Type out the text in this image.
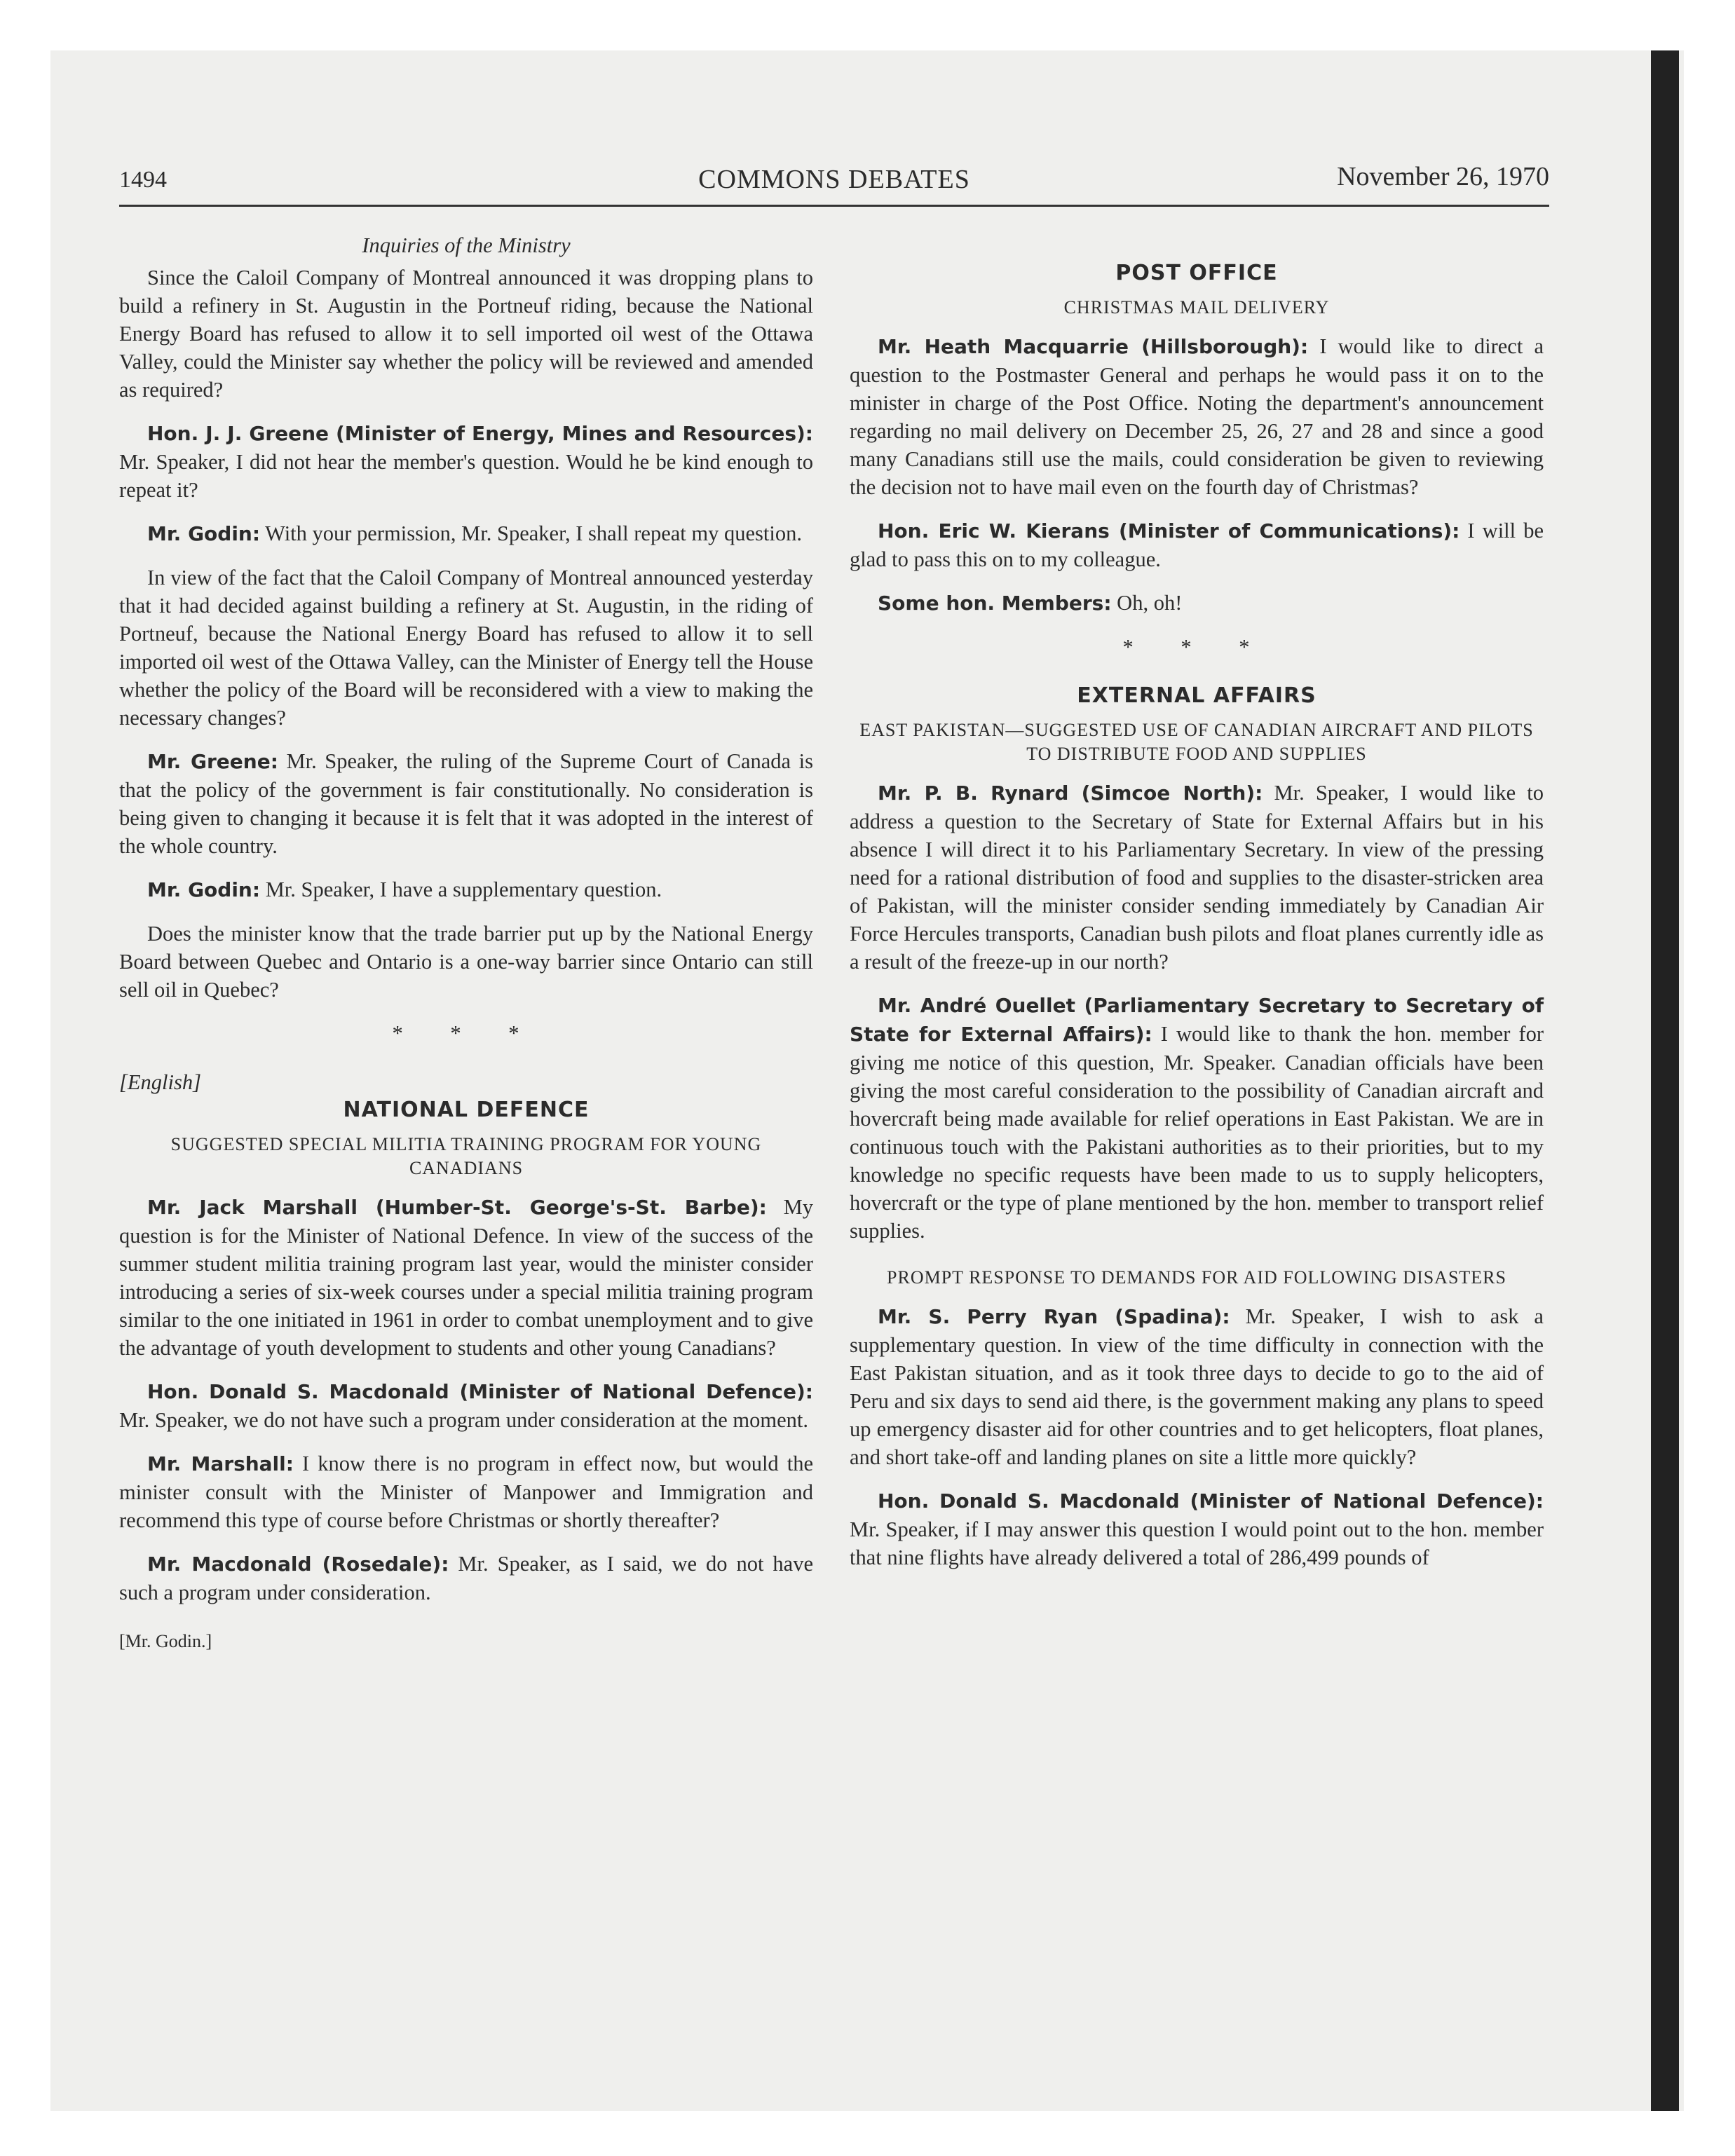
1494	COMMONS DEBATES	November 26, 1970
Inquiries of the Ministry

Since the Caloil Company of Montreal announced it was dropping plans to build a refinery in St. Augustin in the Portneuf riding, because the National Energy Board has refused to allow it to sell imported oil west of the Ottawa Valley, could the Minister say whether the policy will be reviewed and amended as required?

Hon. J. J. Greene (Minister of Energy, Mines and Resources): Mr. Speaker, I did not hear the member's question. Would he be kind enough to repeat it?

Mr. Godin: With your permission, Mr. Speaker, I shall repeat my question.

In view of the fact that the Caloil Company of Montreal announced yesterday that it had decided against building a refinery at St. Augustin, in the riding of Portneuf, because the National Energy Board has refused to allow it to sell imported oil west of the Ottawa Valley, can the Minister of Energy tell the House whether the policy of the Board will be reconsidered with a view to making the necessary changes?

Mr. Greene: Mr. Speaker, the ruling of the Supreme Court of Canada is that the policy of the government is fair constitutionally. No consideration is being given to changing it because it is felt that it was adopted in the interest of the whole country.

Mr. Godin: Mr. Speaker, I have a supplementary question.

Does the minister know that the trade barrier put up by the National Energy Board between Quebec and Ontario is a one-way barrier since Ontario can still sell oil in Quebec?

* * *
[English]
NATIONAL DEFENCE
SUGGESTED SPECIAL MILITIA TRAINING PROGRAM FOR YOUNG CANADIANS

Mr. Jack Marshall (Humber-St. George's-St. Barbe): My question is for the Minister of National Defence. In view of the success of the summer student militia training program last year, would the minister consider introducing a series of six-week courses under a special militia training program similar to the one initiated in 1961 in order to combat unemployment and to give the advantage of youth development to students and other young Canadians?

Hon. Donald S. Macdonald (Minister of National Defence): Mr. Speaker, we do not have such a program under consideration at the moment.

Mr. Marshall: I know there is no program in effect now, but would the minister consult with the Minister of Manpower and Immigration and recommend this type of course before Christmas or shortly thereafter?

Mr. Macdonald (Rosedale): Mr. Speaker, as I said, we do not have such a program under consideration.

[Mr. Godin.]
POST OFFICE
CHRISTMAS MAIL DELIVERY

Mr. Heath Macquarrie (Hillsborough): I would like to direct a question to the Postmaster General and perhaps he would pass it on to the minister in charge of the Post Office. Noting the department's announcement regarding no mail delivery on December 25, 26, 27 and 28 and since a good many Canadians still use the mails, could consideration be given to reviewing the decision not to have mail even on the fourth day of Christmas?

Hon. Eric W. Kierans (Minister of Communications): I will be glad to pass this on to my colleague.

Some hon. Members: Oh, oh!

* * *
EXTERNAL AFFAIRS
EAST PAKISTAN—SUGGESTED USE OF CANADIAN AIRCRAFT AND PILOTS TO DISTRIBUTE FOOD AND SUPPLIES

Mr. P. B. Rynard (Simcoe North): Mr. Speaker, I would like to address a question to the Secretary of State for External Affairs but in his absence I will direct it to his Parliamentary Secretary. In view of the pressing need for a rational distribution of food and supplies to the disaster-stricken area of Pakistan, will the minister consider sending immediately by Canadian Air Force Hercules transports, Canadian bush pilots and float planes currently idle as a result of the freeze-up in our north?

Mr. André Ouellet (Parliamentary Secretary to Secretary of State for External Affairs): I would like to thank the hon. member for giving me notice of this question, Mr. Speaker. Canadian officials have been giving the most careful consideration to the possibility of Canadian aircraft and hovercraft being made available for relief operations in East Pakistan. We are in continuous touch with the Pakistani authorities as to their priorities, but to my knowledge no specific requests have been made to us to supply helicopters, hovercraft or the type of plane mentioned by the hon. member to transport relief supplies.

PROMPT RESPONSE TO DEMANDS FOR AID FOLLOWING DISASTERS

Mr. S. Perry Ryan (Spadina): Mr. Speaker, I wish to ask a supplementary question. In view of the time difficulty in connection with the East Pakistan situation, and as it took three days to decide to go to the aid of Peru and six days to send aid there, is the government making any plans to speed up emergency disaster aid for other countries and to get helicopters, float planes, and short take-off and landing planes on site a little more quickly?

Hon. Donald S. Macdonald (Minister of National Defence): Mr. Speaker, if I may answer this question I would point out to the hon. member that nine flights have already delivered a total of 286,499 pounds of
